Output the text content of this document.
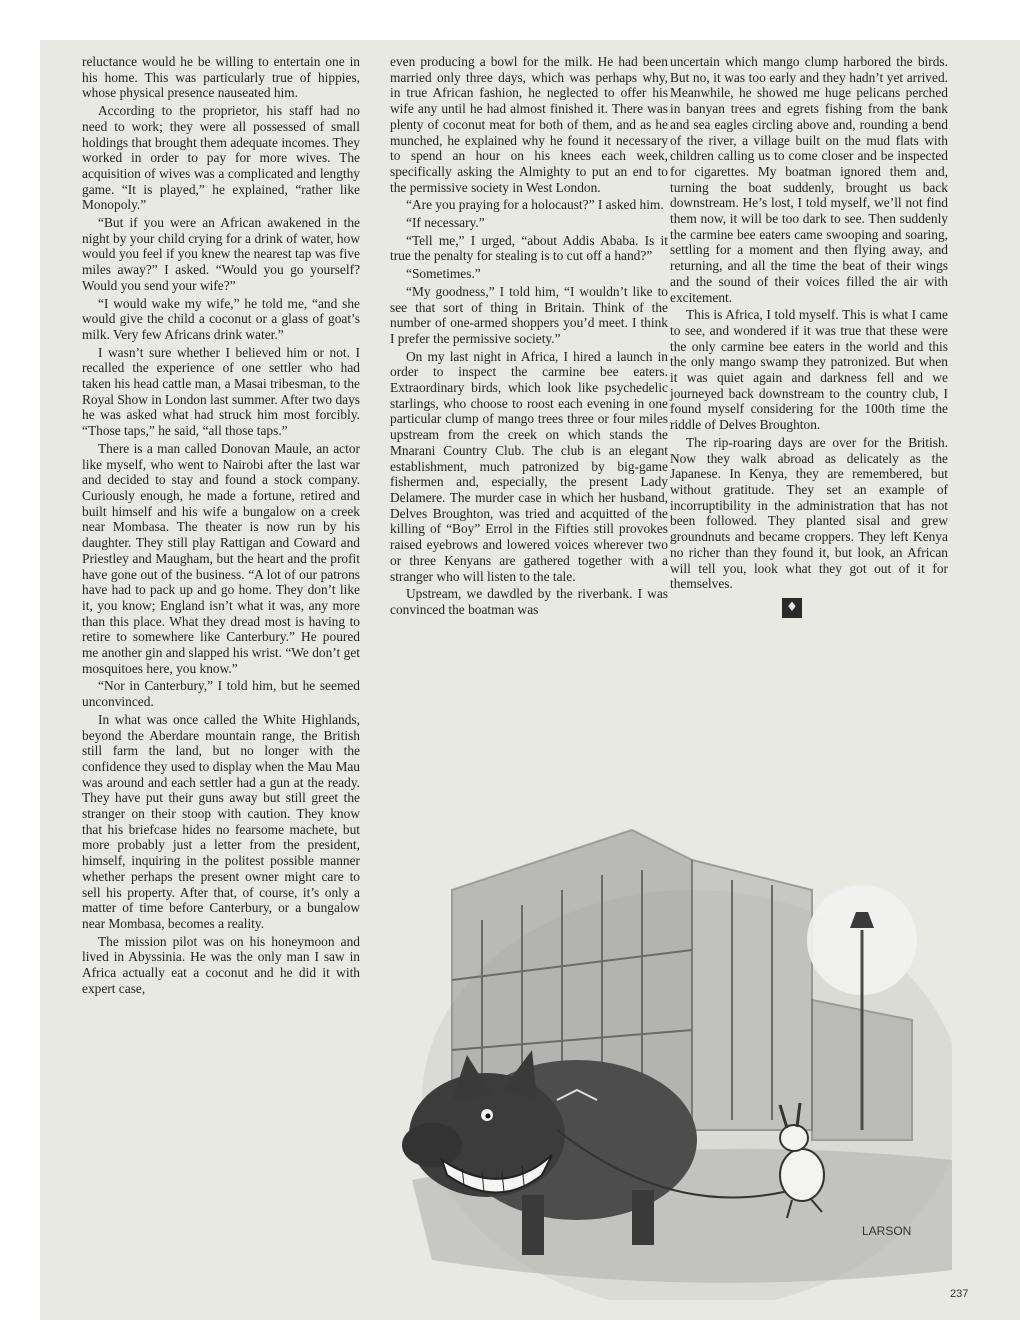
reluctance would he be willing to entertain one in his home. This was particularly true of hippies, whose physical presence nauseated him.

According to the proprietor, his staff had no need to work; they were all possessed of small holdings that brought them adequate incomes. They worked in order to pay for more wives. The acquisition of wives was a complicated and lengthy game. “It is played,” he explained, “rather like Monopoly.”

“But if you were an African awakened in the night by your child crying for a drink of water, how would you feel if you knew the nearest tap was five miles away?” I asked. “Would you go yourself? Would you send your wife?”

“I would wake my wife,” he told me, “and she would give the child a coconut or a glass of goat’s milk. Very few Africans drink water.”

I wasn’t sure whether I believed him or not. I recalled the experience of one settler who had taken his head cattle man, a Masai tribesman, to the Royal Show in London last summer. After two days he was asked what had struck him most forcibly. “Those taps,” he said, “all those taps.”

There is a man called Donovan Maule, an actor like myself, who went to Nairobi after the last war and decided to stay and found a stock company. Curiously enough, he made a fortune, retired and built himself and his wife a bungalow on a creek near Mombasa. The theater is now run by his daughter. They still play Rattigan and Coward and Priestley and Maugham, but the heart and the profit have gone out of the business. “A lot of our patrons have had to pack up and go home. They don’t like it, you know; England isn’t what it was, any more than this place. What they dread most is having to retire to somewhere like Canterbury.” He poured me another gin and slapped his wrist. “We don’t get mosquitoes here, you know.”

“Nor in Canterbury,” I told him, but he seemed unconvinced.

In what was once called the White Highlands, beyond the Aberdare mountain range, the British still farm the land, but no longer with the confidence they used to display when the Mau Mau was around and each settler had a gun at the ready. They have put their guns away but still greet the stranger on their stoop with caution. They know that his briefcase hides no fearsome machete, but more probably just a letter from the president, himself, inquiring in the politest possible manner whether perhaps the present owner might care to sell his property. After that, of course, it’s only a matter of time before Canterbury, or a bungalow near Mombasa, becomes a reality.

The mission pilot was on his honeymoon and lived in Abyssinia. He was the only man I saw in Africa actually eat a coconut and he did it with expert case,

even producing a bowl for the milk. He had been married only three days, which was perhaps why, in true African fashion, he neglected to offer his wife any until he had almost finished it. There was plenty of coconut meat for both of them, and as he munched, he explained why he found it necessary to spend an hour on his knees each week, specifically asking the Almighty to put an end to the permissive society in West London.

“Are you praying for a holocaust?” I asked him.

“If necessary.”

“Tell me,” I urged, “about Addis Ababa. Is it true the penalty for stealing is to cut off a hand?”

“Sometimes.”

“My goodness,” I told him, “I wouldn’t like to see that sort of thing in Britain. Think of the number of one-armed shoppers you’d meet. I think I prefer the permissive society.”

On my last night in Africa, I hired a launch in order to inspect the carmine bee eaters. Extraordinary birds, which look like psychedelic starlings, who choose to roost each evening in one particular clump of mango trees three or four miles upstream from the creek on which stands the Mnarani Country Club. The club is an elegant establishment, much patronized by big-game fishermen and, especially, the present Lady Delamere. The murder case in which her husband, Delves Broughton, was tried and acquitted of the killing of “Boy” Errol in the Fifties still provokes raised eyebrows and lowered voices wherever two or three Kenyans are gathered together with a stranger who will listen to the tale.

Upstream, we dawdled by the riverbank. I was convinced the boatman was

uncertain which mango clump harbored the birds. But no, it was too early and they hadn’t yet arrived. Meanwhile, he showed me huge pelicans perched in banyan trees and egrets fishing from the bank and sea eagles circling above and, rounding a bend of the river, a village built on the mud flats with children calling us to come closer and be inspected for cigarettes. My boatman ignored them and, turning the boat suddenly, brought us back downstream. He’s lost, I told myself, we’ll not find them now, it will be too dark to see. Then suddenly the carmine bee eaters came swooping and soaring, settling for a moment and then flying away, and returning, and all the time the beat of their wings and the sound of their voices filled the air with excitement.

This is Africa, I told myself. This is what I came to see, and wondered if it was true that these were the only carmine bee eaters in the world and this the only mango swamp they patronized. But when it was quiet again and darkness fell and we journeyed back downstream to the country club, I found myself considering for the 100th time the riddle of Delves Broughton.

The rip-roaring days are over for the British. Now they walk abroad as delicately as the Japanese. In Kenya, they are remembered, but without gratitude. They set an example of incorruptibility in the administration that has not been followed. They planted sisal and grew groundnuts and became croppers. They left Kenya no richer than they found it, but look, an African will tell you, look what they got out of it for themselves.

♦
LARSON
237
